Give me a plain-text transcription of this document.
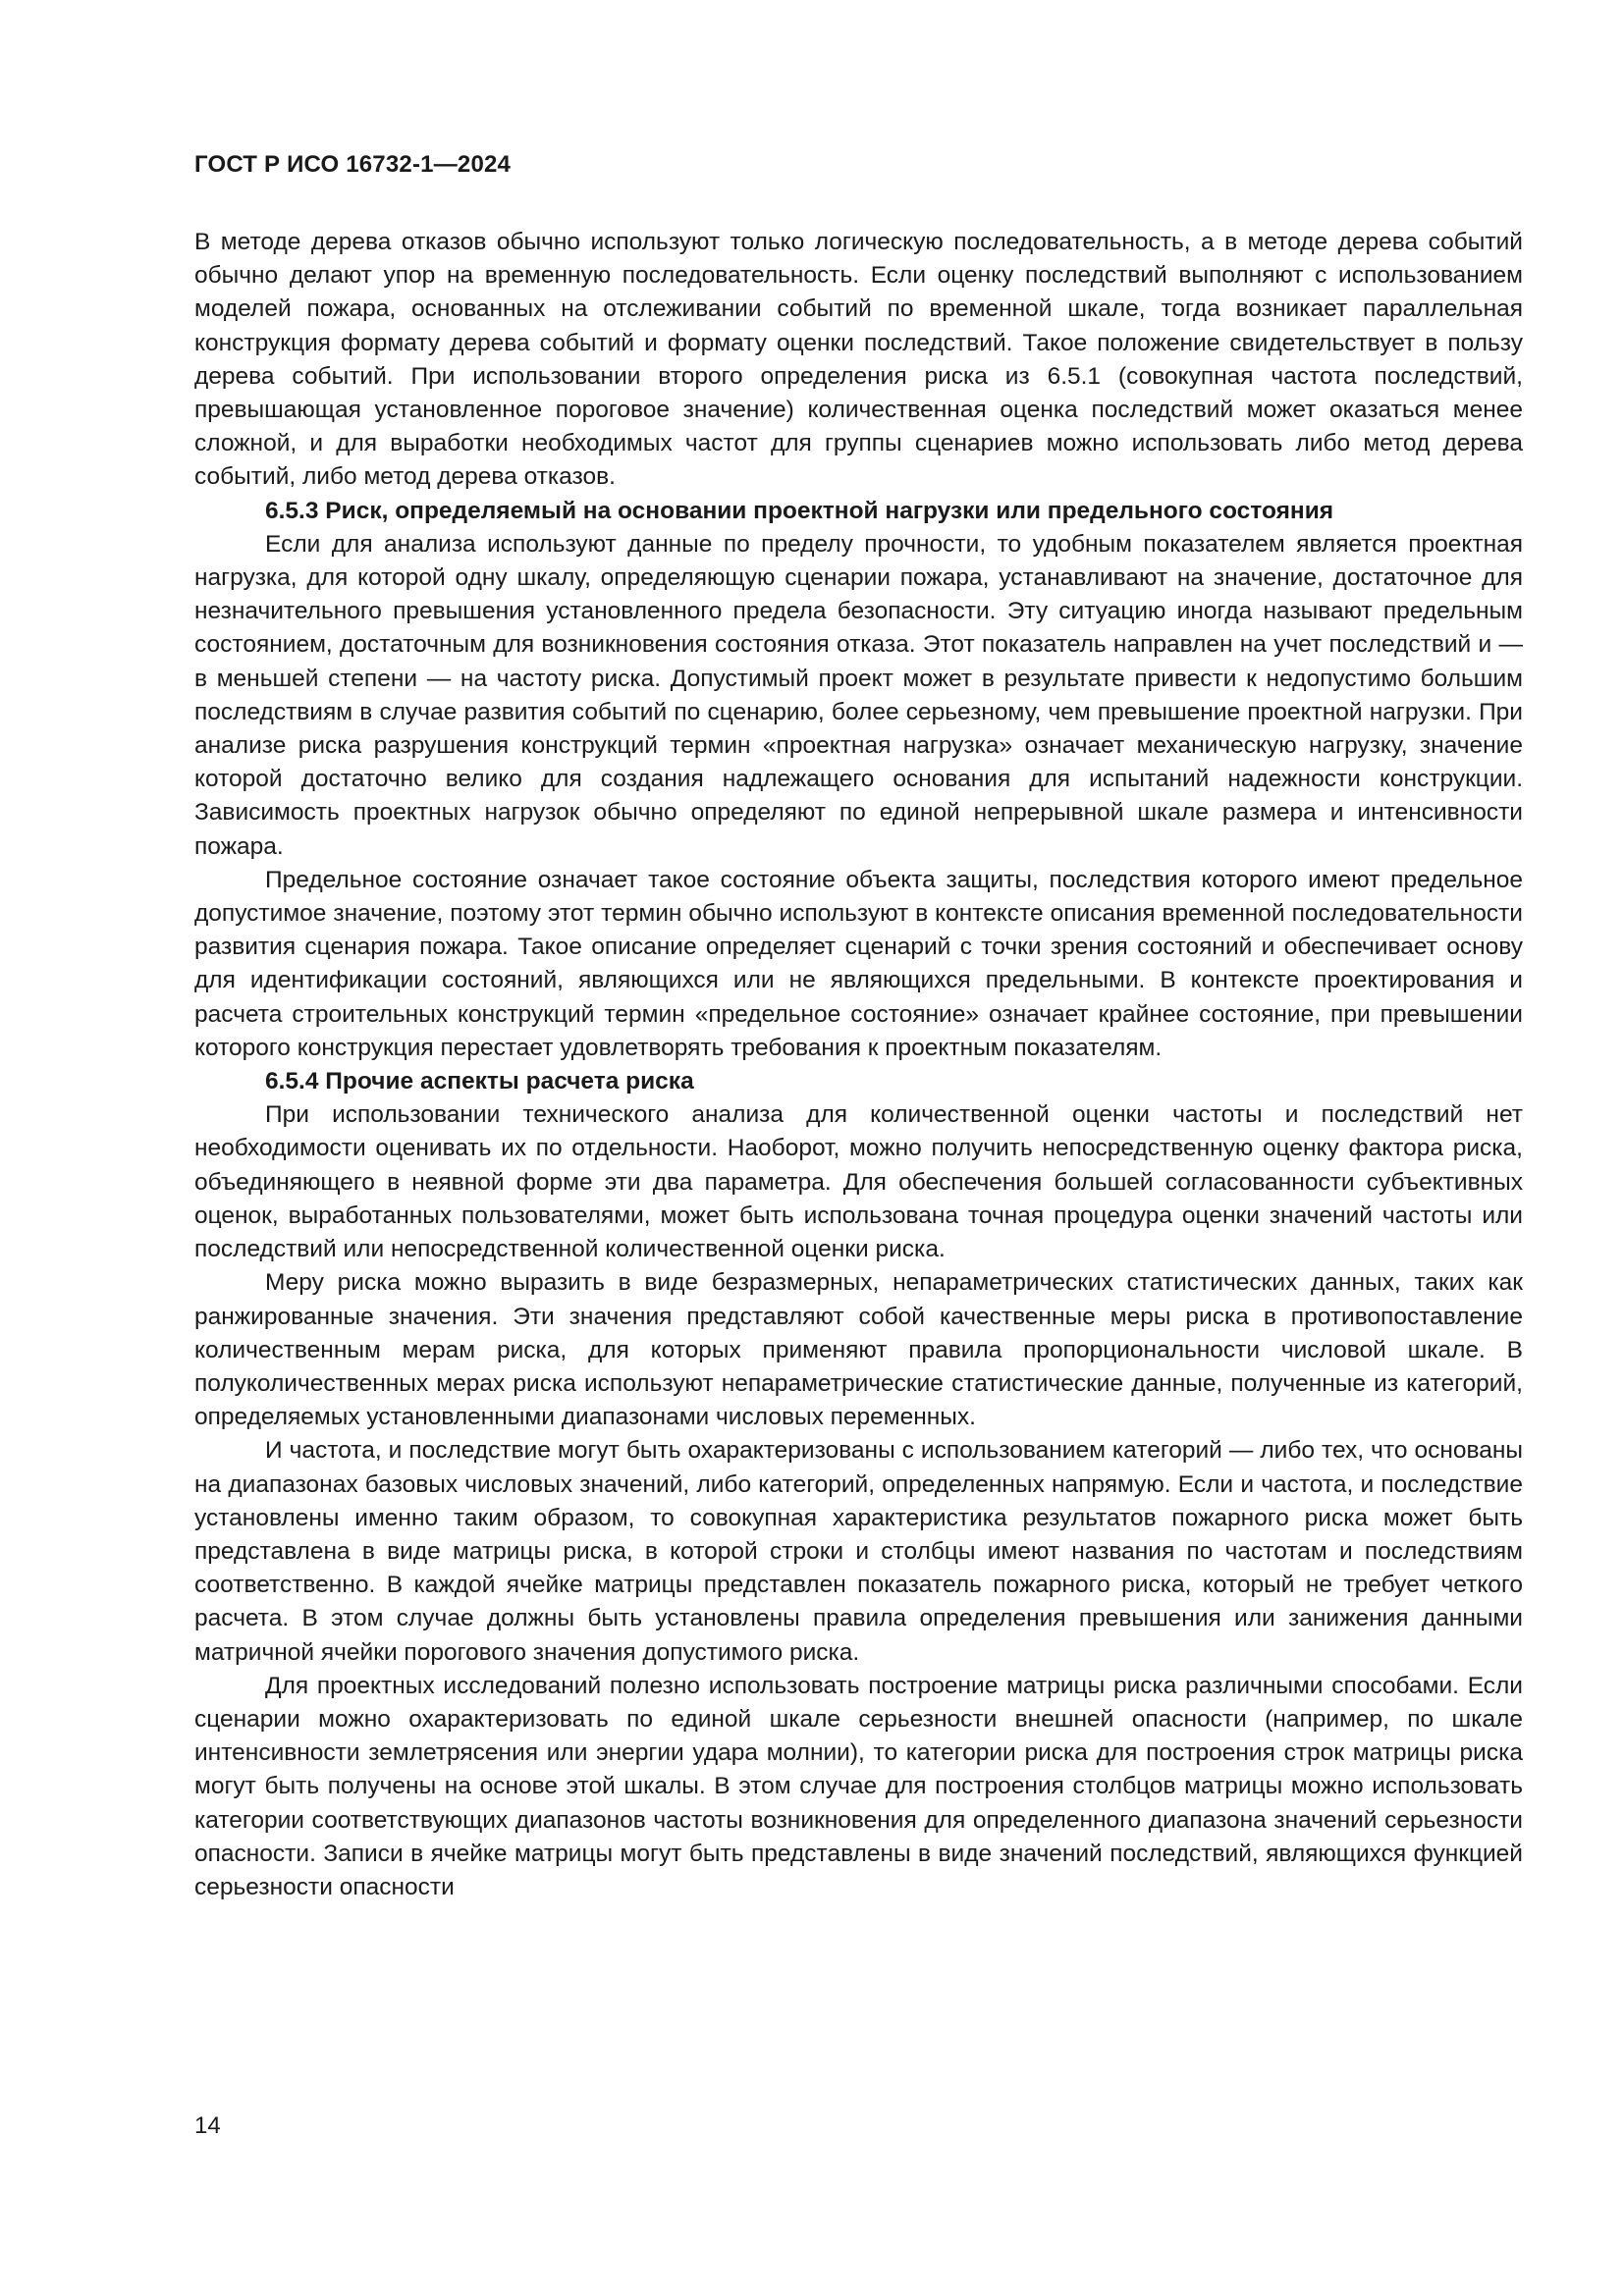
ГОСТ Р ИСО 16732-1—2024

В методе дерева отказов обычно используют только логическую последовательность, а в методе дерева событий обычно делают упор на временную последовательность. Если оценку последствий выполняют с использованием моделей пожара, основанных на отслеживании событий по временной шкале, тогда возникает параллельная конструкция формату дерева событий и формату оценки последствий. Такое положение свидетельствует в пользу дерева событий. При использовании второго определения риска из 6.5.1 (совокупная частота последствий, превышающая установленное пороговое значение) количественная оценка последствий может оказаться менее сложной, и для выработки необходимых частот для группы сценариев можно использовать либо метод дерева событий, либо метод дерева отказов.

6.5.3 Риск, определяемый на основании проектной нагрузки или предельного состояния

Если для анализа используют данные по пределу прочности, то удобным показателем является проектная нагрузка, для которой одну шкалу, определяющую сценарии пожара, устанавливают на значение, достаточное для незначительного превышения установленного предела безопасности. Эту ситуацию иногда называют предельным состоянием, достаточным для возникновения состояния отказа. Этот показатель направлен на учет последствий и — в меньшей степени — на частоту риска. Допустимый проект может в результате привести к недопустимо большим последствиям в случае развития событий по сценарию, более серьезному, чем превышение проектной нагрузки. При анализе риска разрушения конструкций термин «проектная нагрузка» означает механическую нагрузку, значение которой достаточно велико для создания надлежащего основания для испытаний надежности конструкции. Зависимость проектных нагрузок обычно определяют по единой непрерывной шкале размера и интенсивности пожара.

Предельное состояние означает такое состояние объекта защиты, последствия которого имеют предельное допустимое значение, поэтому этот термин обычно используют в контексте описания временной последовательности развития сценария пожара. Такое описание определяет сценарий с точки зрения состояний и обеспечивает основу для идентификации состояний, являющихся или не являющихся предельными. В контексте проектирования и расчета строительных конструкций термин «предельное состояние» означает крайнее состояние, при превышении которого конструкция перестает удовлетворять требования к проектным показателям.

6.5.4 Прочие аспекты расчета риска

При использовании технического анализа для количественной оценки частоты и последствий нет необходимости оценивать их по отдельности. Наоборот, можно получить непосредственную оценку фактора риска, объединяющего в неявной форме эти два параметра. Для обеспечения большей согласованности субъективных оценок, выработанных пользователями, может быть использована точная процедура оценки значений частоты или последствий или непосредственной количественной оценки риска.

Меру риска можно выразить в виде безразмерных, непараметрических статистических данных, таких как ранжированные значения. Эти значения представляют собой качественные меры риска в противопоставление количественным мерам риска, для которых применяют правила пропорциональности числовой шкале. В полуколичественных мерах риска используют непараметрические статистические данные, полученные из категорий, определяемых установленными диапазонами числовых переменных.

И частота, и последствие могут быть охарактеризованы с использованием категорий — либо тех, что основаны на диапазонах базовых числовых значений, либо категорий, определенных напрямую. Если и частота, и последствие установлены именно таким образом, то совокупная характеристика результатов пожарного риска может быть представлена в виде матрицы риска, в которой строки и столбцы имеют названия по частотам и последствиям соответственно. В каждой ячейке матрицы представлен показатель пожарного риска, который не требует четкого расчета. В этом случае должны быть установлены правила определения превышения или занижения данными матричной ячейки порогового значения допустимого риска.

Для проектных исследований полезно использовать построение матрицы риска различными способами. Если сценарии можно охарактеризовать по единой шкале серьезности внешней опасности (например, по шкале интенсивности землетрясения или энергии удара молнии), то категории риска для построения строк матрицы риска могут быть получены на основе этой шкалы. В этом случае для построения столбцов матрицы можно использовать категории соответствующих диапазонов частоты возникновения для определенного диапазона значений серьезности опасности. Записи в ячейке матрицы могут быть представлены в виде значений последствий, являющихся функцией серьезности опасности

14
